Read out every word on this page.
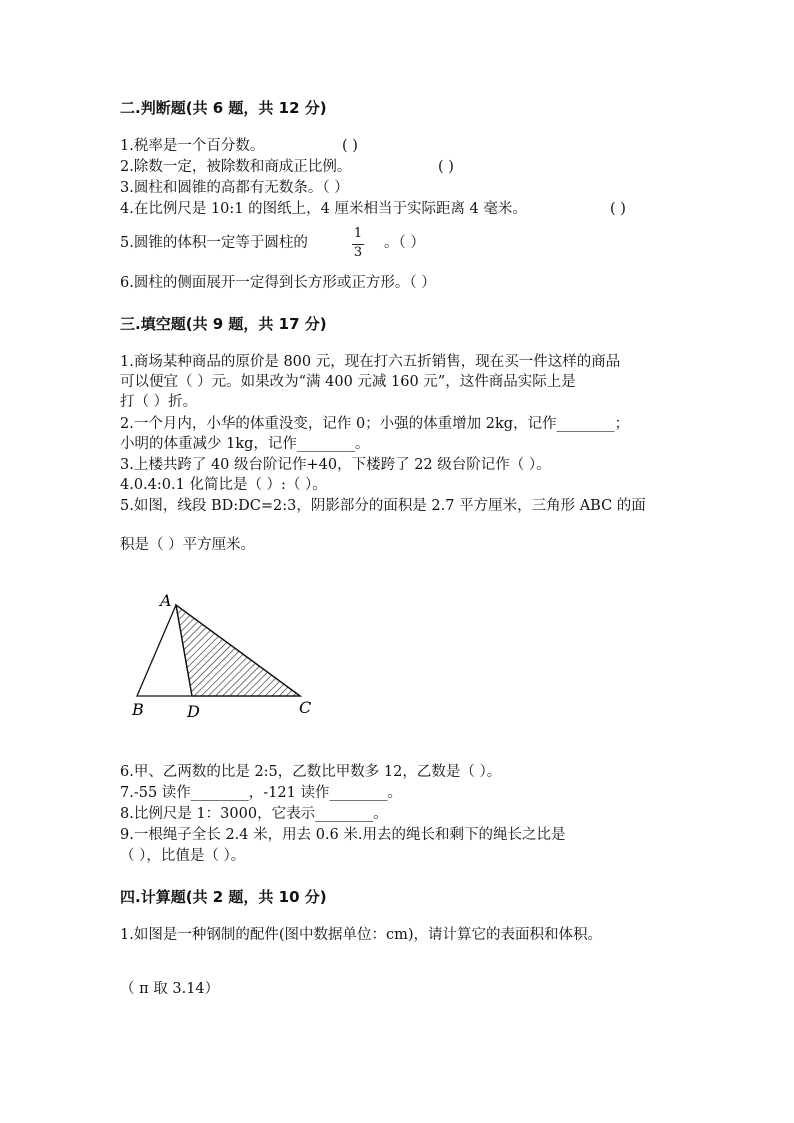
二.判断题(共 6 题，共 12 分)
1.税率是一个百分数。	( )
2.除数一定，被除数和商成正比例。	( )
3.圆柱和圆锥的高都有无数条。（ ）
4.在比例尺是 10:1 的图纸上，4 厘米相当于实际距离 4 毫米。	( )
5.圆锥的体积一定等于圆柱的
1
3
。（ ）
6.圆柱的侧面展开一定得到长方形或正方形。（ ）
三.填空题(共 9 题，共 17 分)
1.商场某种商品的原价是 800 元，现在打六五折销售，现在买一件这样的商品
可以便宜（ ）元。如果改为“满 400 元减 160 元”，这件商品实际上是
打（ ）折。
2.一个月内，小华的体重没变，记作 0；小强的体重增加 2kg，记作________；
小明的体重减少 1kg，记作________。
3.上楼共跨了 40 级台阶记作+40，下楼跨了 22 级台阶记作（ ）。
4.0.4:0.1 化简比是（ ）:（ ）。
5.如图，线段 BD:DC=2:3，阴影部分的面积是 2.7 平方厘米，三角形 ABC 的面
积是（ ）平方厘米。
A
B	D	C
6.甲、乙两数的比是 2:5，乙数比甲数多 12，乙数是（ ）。
7.-55 读作________，-121 读作________。
8.比例尺是 1：3000，它表示________。
9.一根绳子全长 2.4 米，用去 0.6 米.用去的绳长和剩下的绳长之比是
（ ），比值是（ ）。
四.计算题(共 2 题，共 10 分)
1.如图是一种钢制的配件(图中数据单位：cm)，请计算它的表面积和体积。
（ π 取 3.14）
